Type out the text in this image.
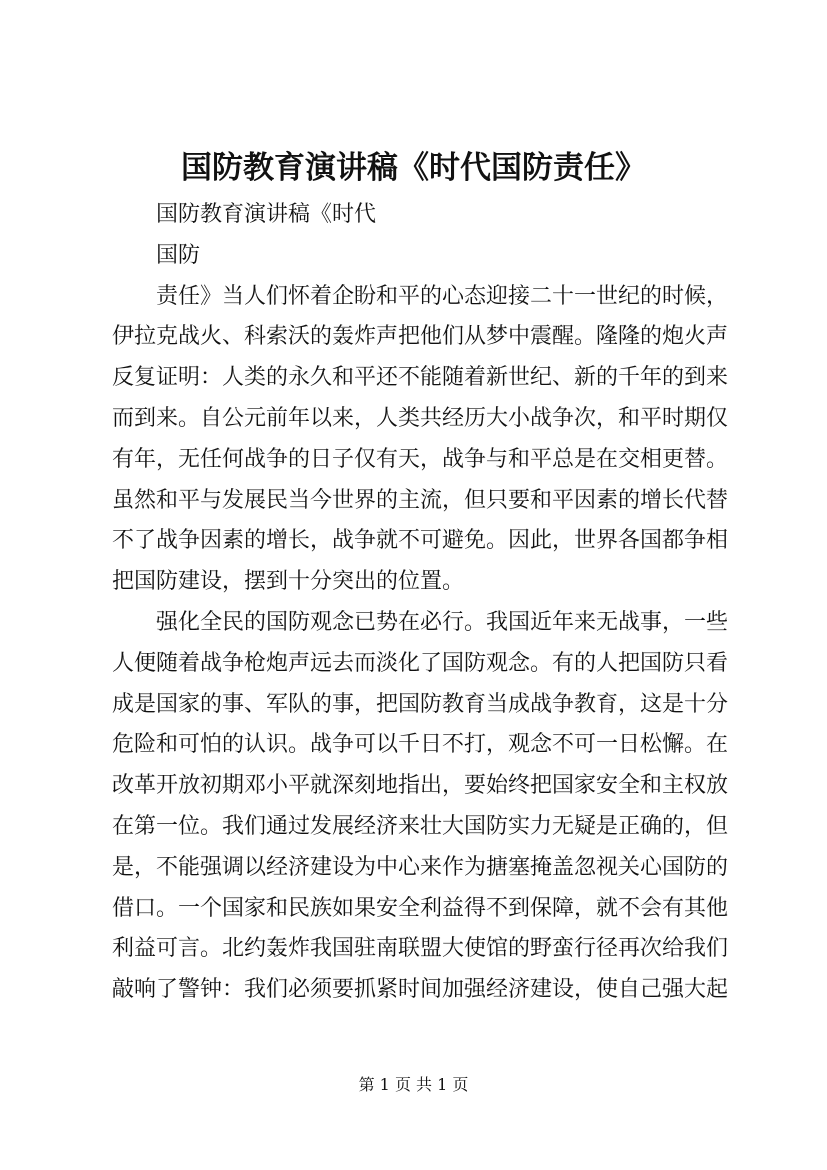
国防教育演讲稿《时代国防责任》
国防教育演讲稿《时代
国防
责任》当人们怀着企盼和平的心态迎接二十一世纪的时候，
伊拉克战火、科索沃的轰炸声把他们从梦中震醒。隆隆的炮火声
反复证明：人类的永久和平还不能随着新世纪、新的千年的到来
而到来。自公元前年以来，人类共经历大小战争次，和平时期仅
有年，无任何战争的日子仅有天，战争与和平总是在交相更替。
虽然和平与发展民当今世界的主流，但只要和平因素的增长代替
不了战争因素的增长，战争就不可避免。因此，世界各国都争相
把国防建设，摆到十分突出的位置。
强化全民的国防观念已势在必行。我国近年来无战事，一些
人便随着战争枪炮声远去而淡化了国防观念。有的人把国防只看
成是国家的事、军队的事，把国防教育当成战争教育，这是十分
危险和可怕的认识。战争可以千日不打，观念不可一日松懈。在
改革开放初期邓小平就深刻地指出，要始终把国家安全和主权放
在第一位。我们通过发展经济来壮大国防实力无疑是正确的，但
是，不能强调以经济建设为中心来作为搪塞掩盖忽视关心国防的
借口。一个国家和民族如果安全利益得不到保障，就不会有其他
利益可言。北约轰炸我国驻南联盟大使馆的野蛮行径再次给我们
敲响了警钟：我们必须要抓紧时间加强经济建设，使自己强大起
第 1 页 共 1 页
